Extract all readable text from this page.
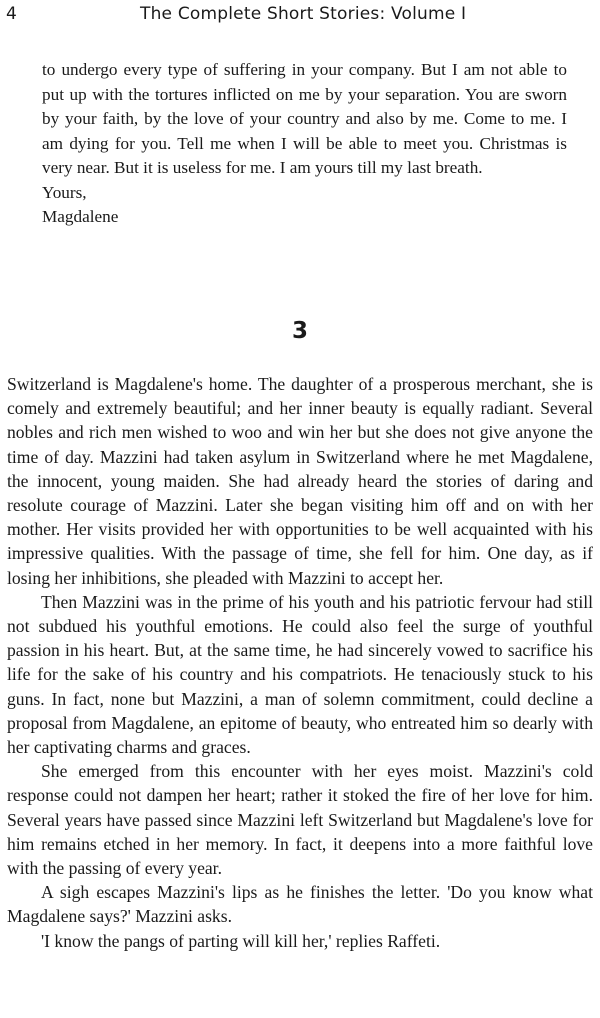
4	The Complete Short Stories: Volume I

to undergo every type of suffering in your company. But I am not able to put up with the tortures inflicted on me by your separation. You are sworn by your faith, by the love of your country and also by me. Come to me. I am dying for you. Tell me when I will be able to meet you. Christmas is very near. But it is useless for me. I am yours till my last breath.

Yours,

Magdalene

3

Switzerland is Magdalene's home. The daughter of a prosperous merchant, she is comely and extremely beautiful; and her inner beauty is equally radiant. Several nobles and rich men wished to woo and win her but she does not give anyone the time of day. Mazzini had taken asylum in Switzerland where he met Magdalene, the innocent, young maiden. She had already heard the stories of daring and resolute courage of Mazzini. Later she began visiting him off and on with her mother. Her visits provided her with opportunities to be well acquainted with his impressive qualities. With the passage of time, she fell for him. One day, as if losing her inhibitions, she pleaded with Mazzini to accept her.

Then Mazzini was in the prime of his youth and his patriotic fervour had still not subdued his youthful emotions. He could also feel the surge of youthful passion in his heart. But, at the same time, he had sincerely vowed to sacrifice his life for the sake of his country and his compatriots. He tenaciously stuck to his guns. In fact, none but Mazzini, a man of solemn commitment, could decline a proposal from Magdalene, an epitome of beauty, who entreated him so dearly with her captivating charms and graces.

She emerged from this encounter with her eyes moist. Mazzini's cold response could not dampen her heart; rather it stoked the fire of her love for him. Several years have passed since Mazzini left Switzerland but Magdalene's love for him remains etched in her memory. In fact, it deepens into a more faithful love with the passing of every year.

A sigh escapes Mazzini's lips as he finishes the letter. 'Do you know what Magdalene says?' Mazzini asks.

'I know the pangs of parting will kill her,' replies Raffeti.
